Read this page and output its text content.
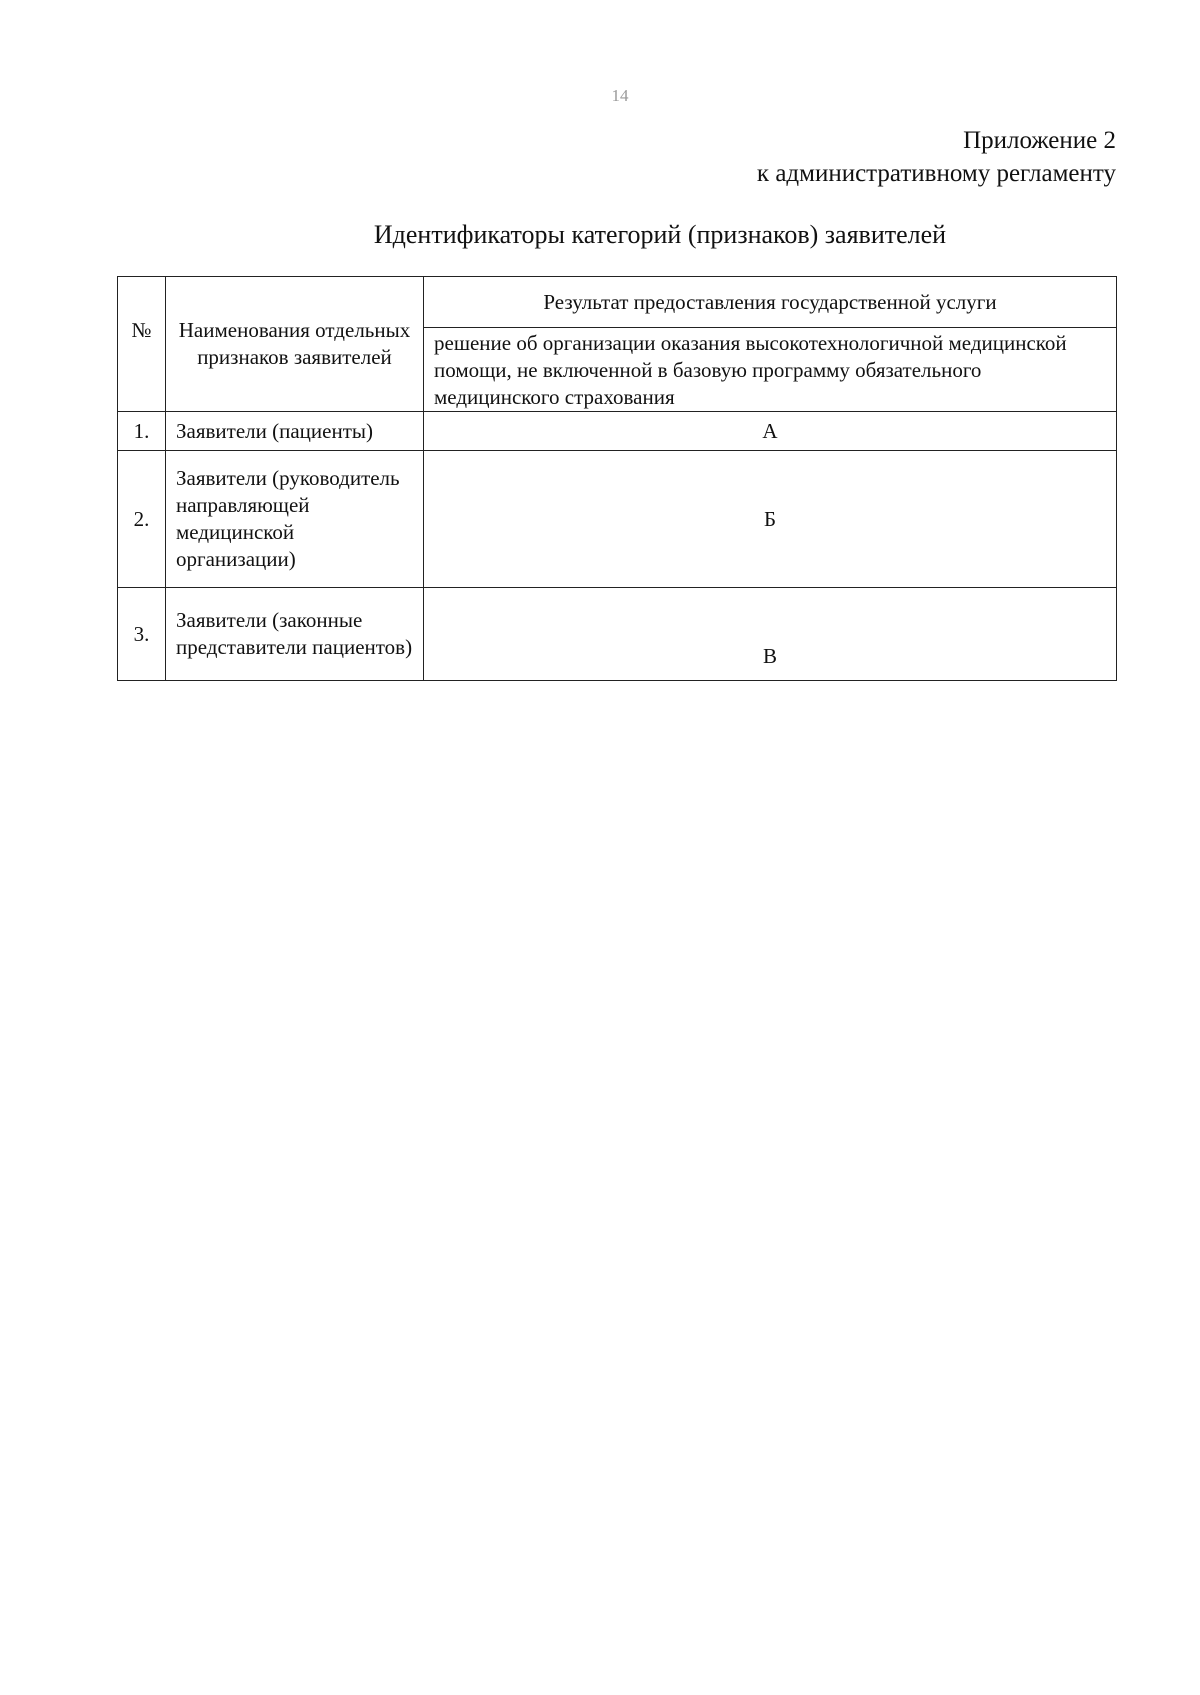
14
Приложение 2
к административному регламенту
Идентификаторы категорий (признаков) заявителей
№	Наименования отдельных признаков заявителей	Результат предоставления государственной услуги
		решение об организации оказания высокотехнологичной медицинской помощи, не включенной в базовую программу обязательного медицинского страхования
1.	Заявители (пациенты)	А
2.	Заявители (руководитель направляющей медицинской организации)	Б
3.	Заявители (законные представители пациентов)	В
